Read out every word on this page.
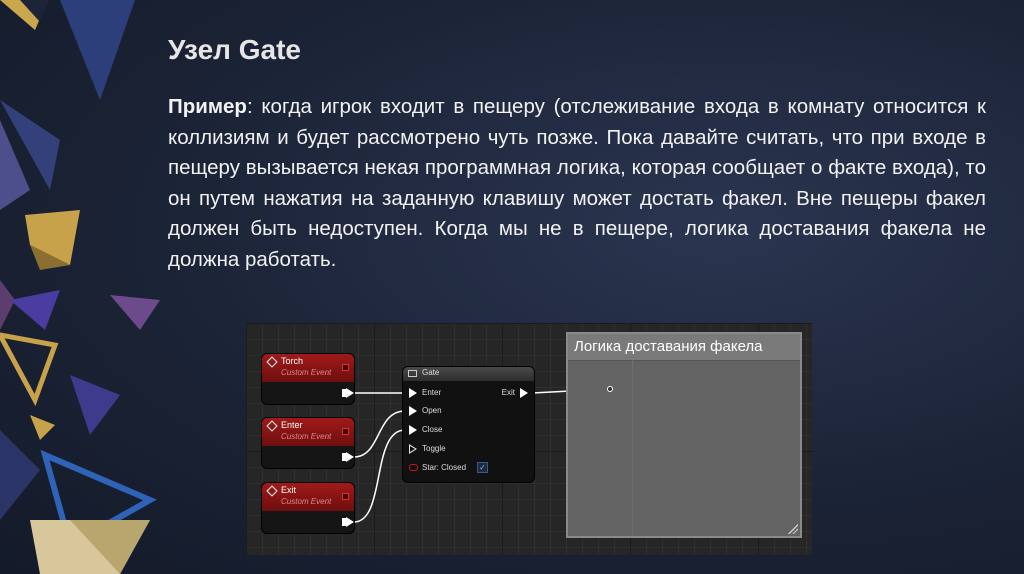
Узел Gate
Пример: когда игрок входит в пещеру (отслеживание входа в комнату относится к коллизиям и будет рассмотрено чуть позже. Пока давайте считать, что при входе в пещеру вызывается некая программная логика, которая сообщает о факте входа), то он путем нажатия на заданную клавишу может достать факел. Вне пещеры факел должен быть недоступен. Когда мы не в пещере, логика доставания факела не должна работать.
Логика доставания факела
Torch
Custom Event
Enter
Custom Event
Exit
Custom Event
Gate
Enter
Open
Close
Toggle
Star: Closed ✓
Exit
